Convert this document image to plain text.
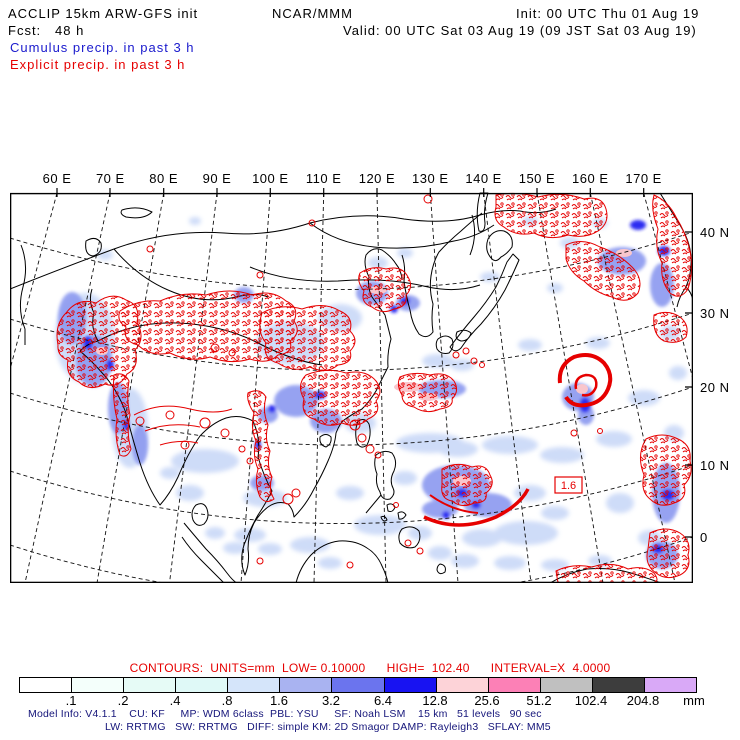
ACCLIP 15km ARW-GFS init	NCAR/MMM	Init: 00 UTC Thu 01 Aug 19
Fcst:   48 h	Valid: 00 UTC Sat 03 Aug 19 (09 JST Sat 03 Aug 19)
Cumulus precip. in past 3 h
Explicit precip. in past 3 h
60 E	70 E	80 E	90 E	100 E	110 E	120 E 130 E 140 E 150 E 160 E 170 E
40 N
30 N
20 N
10 N
0
1.6
CONTOURS:  UNITS=mm  LOW= 0.10000      HIGH=  102.40      INTERVAL=X  4.0000
.1	.2	.4	.8	1.6	3.2	6.4	12.8	25.6	51.2	102.4	204.8	mm
Model Info: V4.1.1    CU: KF     MP: WDM 6class  PBL: YSU     SF: Noah LSM    15 km   51 levels   90 sec
LW: RRTMG   SW: RRTMG   DIFF: simple KM: 2D Smagor DAMP: Rayleigh3   SFLAY: MM5
